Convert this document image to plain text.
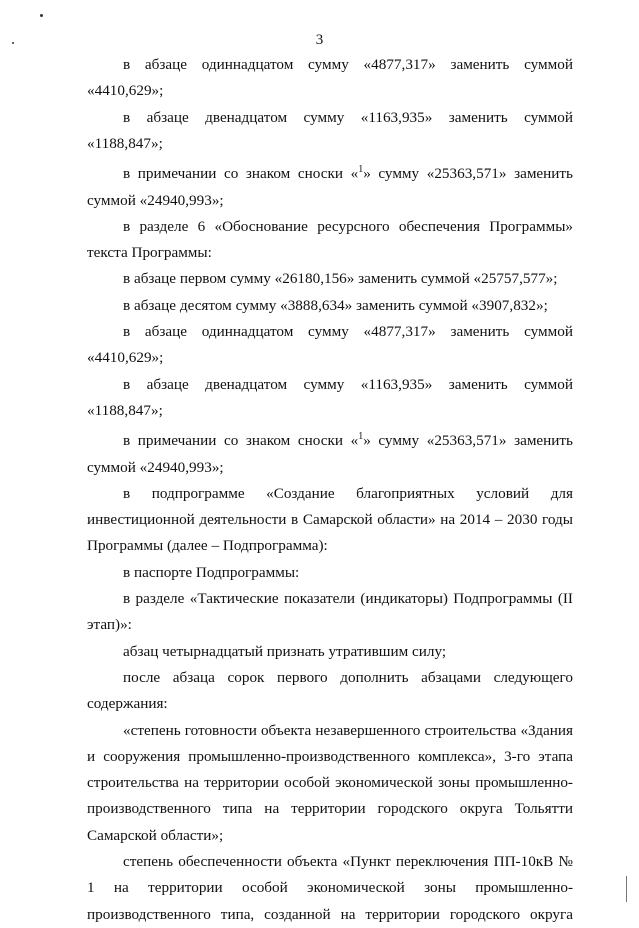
3

в абзаце одиннадцатом сумму «4877,317» заменить суммой «4410,629»;

в абзаце двенадцатом сумму «1163,935» заменить суммой «1188,847»;

в примечании со знаком сноски «$^1$» сумму «25363,571» заменить суммой «24940,993»;

в разделе 6 «Обоснование ресурсного обеспечения Программы» текста Программы:

в абзаце первом сумму «26180,156» заменить суммой «25757,577»;

в абзаце десятом сумму «3888,634» заменить суммой «3907,832»;

в абзаце одиннадцатом сумму «4877,317» заменить суммой «4410,629»;

в абзаце двенадцатом сумму «1163,935» заменить суммой «1188,847»;

в примечании со знаком сноски «$^1$» сумму «25363,571» заменить суммой «24940,993»;

в подпрограмме «Создание благоприятных условий для инвестиционной деятельности в Самарской области» на 2014 – 2030 годы Программы (далее – Подпрограмма):

в паспорте Подпрограммы:

в разделе «Тактические показатели (индикаторы) Подпрограммы (II этап)»:

абзац четырнадцатый признать утратившим силу;

после абзаца сорок первого дополнить абзацами следующего содержания:

«степень готовности объекта незавершенного строительства «Здания и сооружения промышленно-производственного комплекса», 3-го этапа строительства на территории особой экономической зоны промышленно-производственного типа на территории городского округа Тольятти Самарской области»;

степень обеспеченности объекта «Пункт переключения ПП-10кВ № 1 на территории особой экономической зоны промышленно-производственного типа, созданной на территории городского округа
